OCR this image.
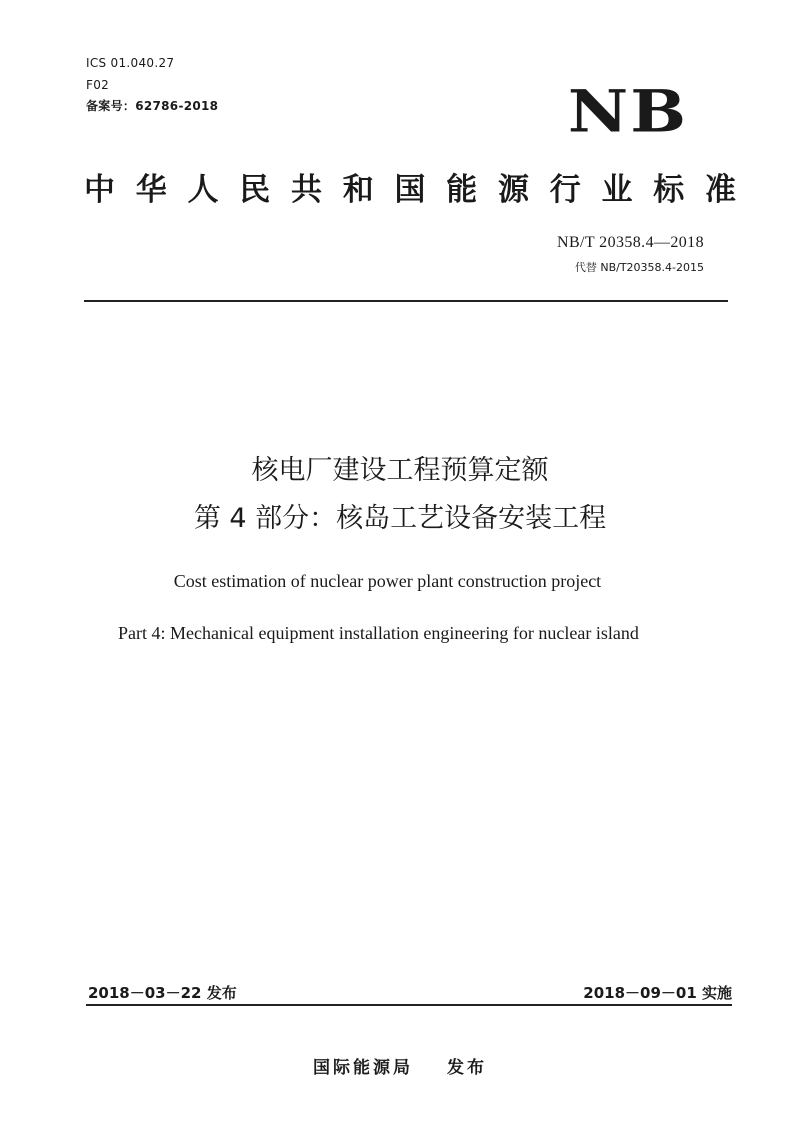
ICS 01.040.27
F02
备案号：62786-2018	NB
中 华 人 民 共 和 国 能 源 行 业 标 准
NB/T 20358.4—2018
代替 NB/T20358.4-2015
核电厂建设工程预算定额
第 4 部分：核岛工艺设备安装工程
Cost estimation of nuclear power plant construction project
Part 4: Mechanical equipment installation engineering for nuclear island
2018－03－22 发布	2018－09－01 实施
国际能源局 发布
